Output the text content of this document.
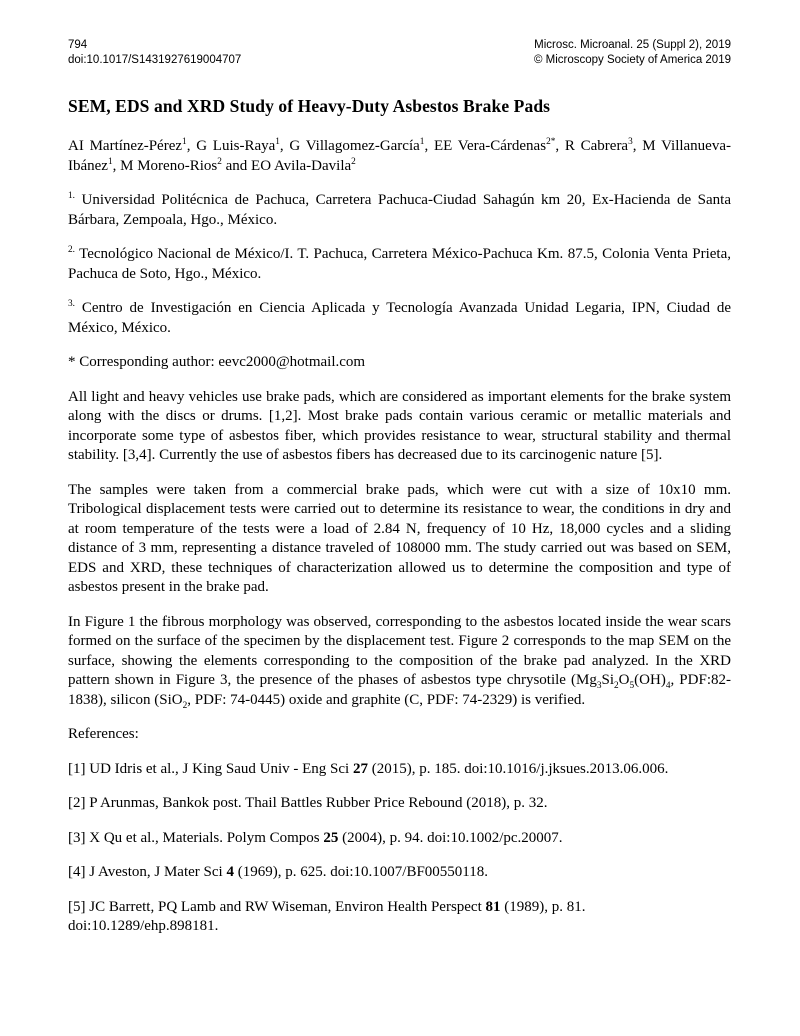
794
doi:10.1017/S1431927619004707
Microsc. Microanal. 25 (Suppl 2), 2019
© Microscopy Society of America 2019
SEM, EDS and XRD Study of Heavy-Duty Asbestos Brake Pads

AI Martínez-Pérez$^1$, G Luis-Raya$^1$, G Villagomez-García$^1$, EE Vera-Cárdenas$^{2*}$, R Cabrera$^3$, M Villanueva-Ibánez$^1$, M Moreno-Rios$^2$ and EO Avila-Davila$^2$

$^{1.}$ Universidad Politécnica de Pachuca, Carretera Pachuca-Ciudad Sahagún km 20, Ex-Hacienda de Santa Bárbara, Zempoala, Hgo., México.

$^{2.}$ Tecnológico Nacional de México/I. T. Pachuca, Carretera México-Pachuca Km. 87.5, Colonia Venta Prieta, Pachuca de Soto, Hgo., México.

$^{3.}$ Centro de Investigación en Ciencia Aplicada y Tecnología Avanzada Unidad Legaria, IPN, Ciudad de México, México.

* Corresponding author: eevc2000@hotmail.com

All light and heavy vehicles use brake pads, which are considered as important elements for the brake system along with the discs or drums. [1,2]. Most brake pads contain various ceramic or metallic materials and incorporate some type of asbestos fiber, which provides resistance to wear, structural stability and thermal stability. [3,4]. Currently the use of asbestos fibers has decreased due to its carcinogenic nature [5].

The samples were taken from a commercial brake pads, which were cut with a size of 10x10 mm. Tribological displacement tests were carried out to determine its resistance to wear, the conditions in dry and at room temperature of the tests were a load of 2.84 N, frequency of 10 Hz, 18,000 cycles and a sliding distance of 3 mm, representing a distance traveled of 108000 mm. The study carried out was based on SEM, EDS and XRD, these techniques of characterization allowed us to determine the composition and type of asbestos present in the brake pad.

In Figure 1 the fibrous morphology was observed, corresponding to the asbestos located inside the wear scars formed on the surface of the specimen by the displacement test. Figure 2 corresponds to the map SEM on the surface, showing the elements corresponding to the composition of the brake pad analyzed. In the XRD pattern shown in Figure 3, the presence of the phases of asbestos type chrysotile ($Mg_3Si_2O_5(OH)_4$, PDF:82-1838), silicon (SiO$_2$, PDF: 74-0445) oxide and graphite (C, PDF: 74-2329) is verified.

References:

[1] UD Idris et al., J King Saud Univ - Eng Sci 27 (2015), p. 185. doi:10.1016/j.jksues.2013.06.006.

[2] P Arunmas, Bankok post. Thail Battles Rubber Price Rebound (2018), p. 32.

[3] X Qu et al., Materials. Polym Compos 25 (2004), p. 94. doi:10.1002/pc.20007.

[4] J Aveston, J Mater Sci 4 (1969), p. 625. doi:10.1007/BF00550118.

[5] JC Barrett, PQ Lamb and RW Wiseman, Environ Health Perspect 81 (1989), p. 81. doi:10.1289/ehp.898181.
